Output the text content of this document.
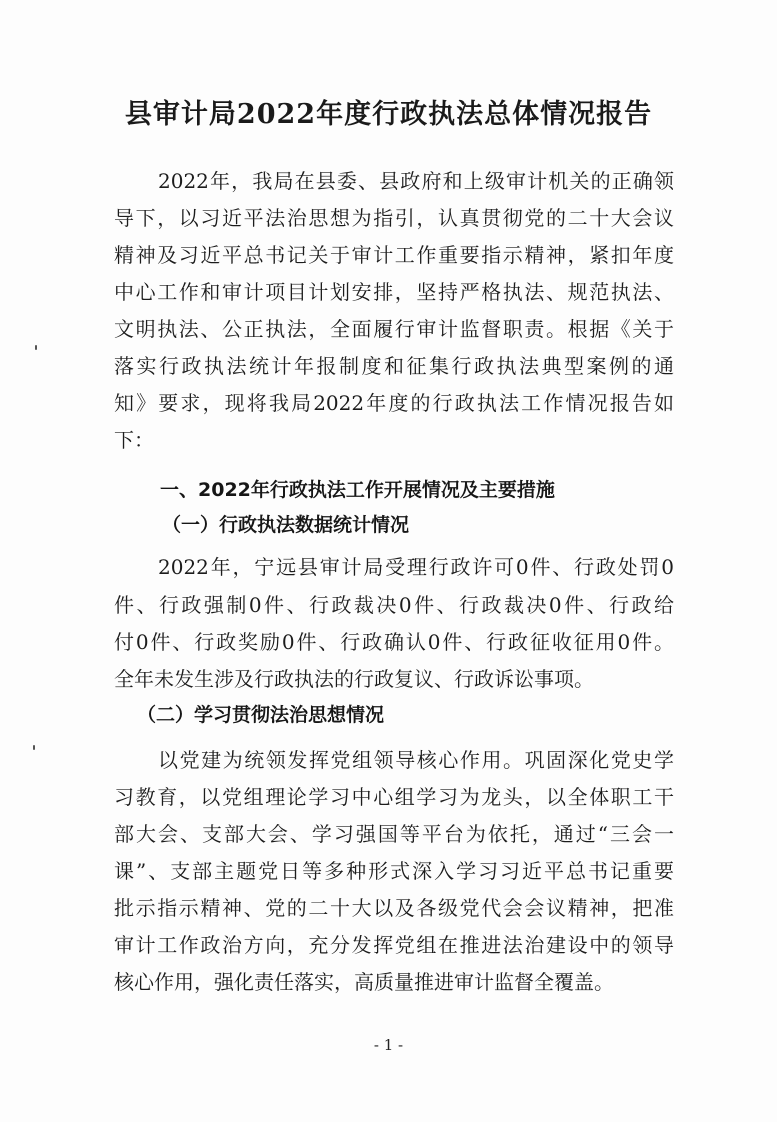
县审计局2022年度行政执法总体情况报告
2022年，我局在县委、县政府和上级审计机关的正确领
导下，以习近平法治思想为指引，认真贯彻党的二十大会议
精神及习近平总书记关于审计工作重要指示精神，紧扣年度
中心工作和审计项目计划安排，坚持严格执法、规范执法、
文明执法、公正执法，全面履行审计监督职责。根据《关于
落实行政执法统计年报制度和征集行政执法典型案例的通
知》要求，现将我局2022年度的行政执法工作情况报告如
下：
一、2022年行政执法工作开展情况及主要措施
（一）行政执法数据统计情况
2022年，宁远县审计局受理行政许可0件、行政处罚0
件、行政强制0件、行政裁决0件、行政裁决0件、行政给
付0件、行政奖励0件、行政确认0件、行政征收征用0件。
全年未发生涉及行政执法的行政复议、行政诉讼事项。
（二）学习贯彻法治思想情况
以党建为统领发挥党组领导核心作用。巩固深化党史学
习教育，以党组理论学习中心组学习为龙头，以全体职工干
部大会、支部大会、学习强国等平台为依托，通过“三会一
课”、支部主题党日等多种形式深入学习习近平总书记重要
批示指示精神、党的二十大以及各级党代会会议精神，把准
审计工作政治方向，充分发挥党组在推进法治建设中的领导
核心作用，强化责任落实，高质量推进审计监督全覆盖。
- 1 -
